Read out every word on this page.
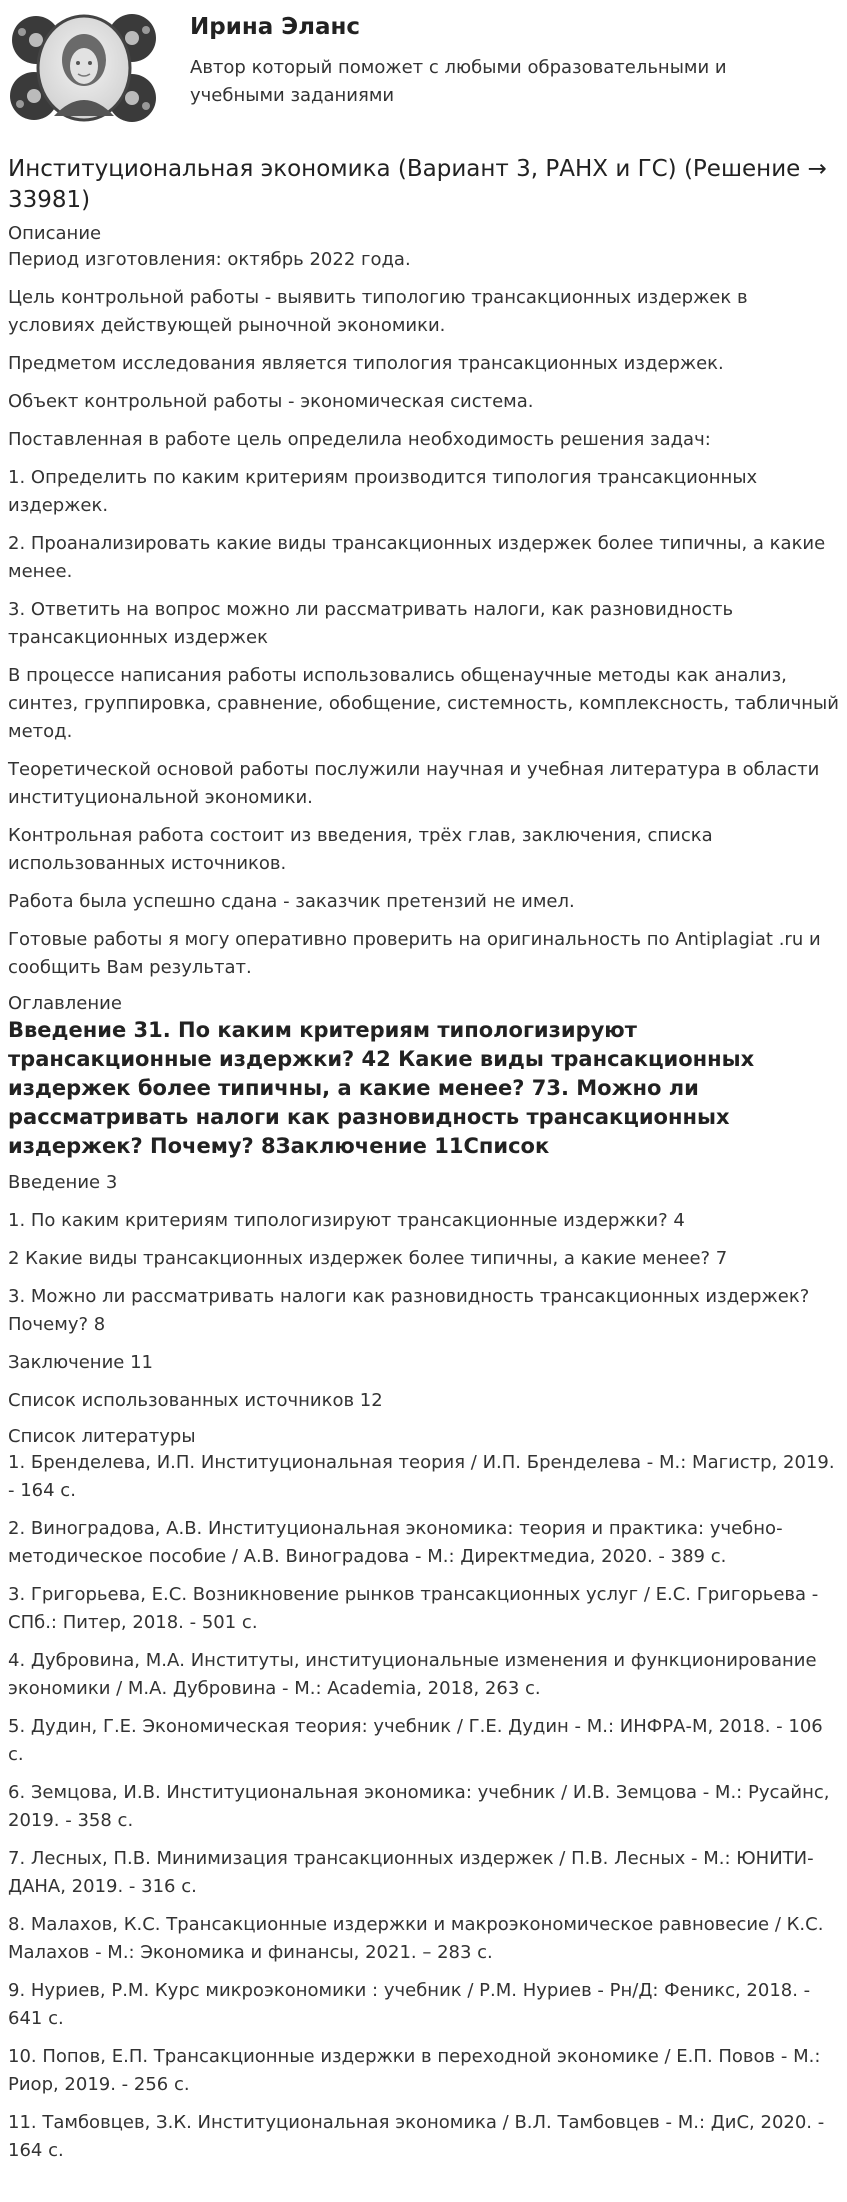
Ирина Эланс
Автор который поможет с любыми образовательными и учебными заданиями
Институциональная экономика (Вариант 3, РАНХ и ГС) (Решение → 33981)
Описание

Период изготовления: октябрь 2022 года.

Цель контрольной работы - выявить типологию трансакционных издержек в условиях действующей рыночной экономики.

Предметом исследования является типология трансакционных издержек.

Объект контрольной работы - экономическая система.

Поставленная в работе цель определила необходимость решения задач:

1. Определить по каким критериям производится типология трансакционных издержек.

2. Проанализировать какие виды трансакционных издержек более типичны, а какие менее.

3. Ответить на вопрос можно ли рассматривать налоги, как разновидность трансакционных издержек

В процессе написания работы использовались общенаучные методы как анализ, синтез, группировка, сравнение, обобщение, системность, комплексность, табличный метод.

Теоретической основой работы послужили научная и учебная литература в области институциональной экономики.

Контрольная работа состоит из введения, трёх глав, заключения, списка использованных источников.

Работа была успешно сдана - заказчик претензий не имел.

Готовые работы я могу оперативно проверить на оригинальность по Antiplagiat .ru и сообщить Вам результат.

Оглавление
Введение 31. По каким критериям типологизируют трансакционные издержки? 42 Какие виды трансакционных издержек более типичны, а какие менее? 73. Можно ли рассматривать налоги как разновидность трансакционных издержек? Почему? 8Заключение 11Список

Введение 3

1. По каким критериям типологизируют трансакционные издержки? 4

2 Какие виды трансакционных издержек более типичны, а какие менее? 7

3. Можно ли рассматривать налоги как разновидность трансакционных издержек? Почему? 8

Заключение 11

Список использованных источников 12

Список литературы

1. Бренделева, И.П. Институциональная теория / И.П. Бренделева - М.: Магистр, 2019. - 164 с.

2. Виноградова, А.В. Институциональная экономика: теория и практика: учебно-методическое пособие / А.В. Виноградова - М.: Директмедиа, 2020. - 389 с.

3. Григорьева, Е.С. Возникновение рынков трансакционных услуг / Е.С. Григорьева - СПб.: Питер, 2018. - 501 с.

4. Дубровина, М.А. Институты, институциональные изменения и функционирование экономики / М.А. Дубровина - М.: Academia, 2018, 263 с.

5. Дудин, Г.Е. Экономическая теория: учебник / Г.Е. Дудин - М.: ИНФРА-М, 2018. - 106 с.

6. Земцова, И.В. Институциональная экономика: учебник / И.В. Земцова - М.: Русайнс, 2019. - 358 с.

7. Лесных, П.В. Минимизация трансакционных издержек / П.В. Лесных - М.: ЮНИТИ-ДАНА, 2019. - 316 с.

8. Малахов, К.С. Трансакционные издержки и макроэкономическое равновесие / К.С. Малахов - М.: Экономика и финансы, 2021. – 283 с.

9. Нуриев, Р.М. Курс микроэкономики : учебник / Р.М. Нуриев - Рн/Д: Феникс, 2018. - 641 с.

10. Попов, Е.П. Трансакционные издержки в переходной экономике / Е.П. Повов - М.: Риор, 2019. - 256 с.

11. Тамбовцев, З.К. Институциональная экономика / В.Л. Тамбовцев - М.: ДиС, 2020. - 164 с.
